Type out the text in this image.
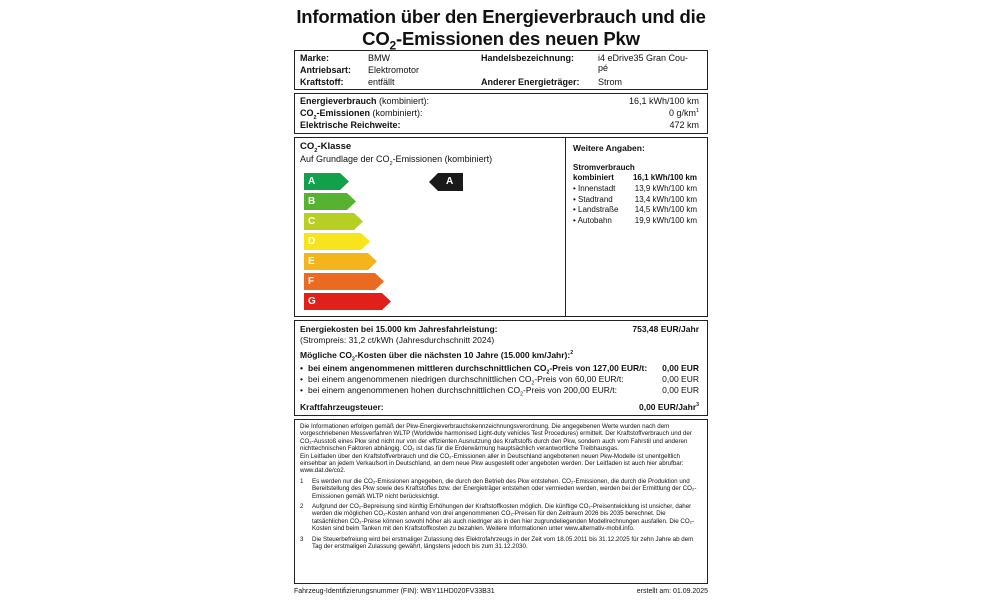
Information über den Energieverbrauch und die
$CO_2$-Emissionen des neuen Pkw
Marke:	BMW
Antriebsart: Elektromotor
Kraftstoff:	entfällt
Handelsbezeichnung:	i4 eDrive35 Gran Cou-
pé
Anderer Energieträger: Strom
Energieverbrauch (kombiniert):	16,1 kWh/100 km
$CO_2$-Emissionen (kombiniert):	0 $g/km^1$
Elektrische Reichweite:	472 km
$CO_2$-Klasse
Auf Grundlage der $CO_2$-Emissionen (kombiniert)
A
B
C
D
E
F
G
A
Weitere Angaben:
Stromverbrauch
kombiniert 16,1 kWh/100 km
• Innenstadt 13,9 kWh/100 km
• Stadtrand	13,4 kWh/100 km
• Landstraße 14,5 kWh/100 km
• Autobahn	19,9 kWh/100 km
Energiekosten bei 15.000 km Jahresfahrleistung:	753,48 EUR/Jahr
(Strompreis: 31,2 ct/kWh (Jahresdurchschnitt 2024)
Mögliche $CO_2$-Kosten über die nächsten 10 Jahre (15.000 km/Jahr):$^2$
• bei einem angenommenen mittleren durchschnittlichen $CO_2$-Preis von 127,00 EUR/t: 0,00 EUR
• bei einem angenommenen niedrigen durchschnittlichen $CO_2$-Preis von 60,00 EUR/t:	0,00 EUR
• bei einem angenommenen hohen durchschnittlichen $CO_2$-Preis von 200,00 EUR/t:	0,00 EUR
Kraftfahrzeugsteuer:	0,00 EUR/Jahr$^3$

Die Informationen erfolgen gemäß der Pkw-Energieverbrauchskennzeichnungsverordnung. Die angegebenen Werte wurden nach dem vorgeschriebenen Messverfahren WLTP (Worldwide harmonised Light-duty vehicles Test Procedures) ermittelt. Der Kraftstoffverbrauch und der CO₂-Ausstoß eines Pkw sind nicht nur von der effizienten Ausnutzung des Kraftstoffs durch den Pkw, sondern auch vom Fahrstil und anderen nichttechnischen Faktoren abhängig. CO₂ ist das für die Erderwärmung hauptsächlich verantwortliche Treibhausgas.

Ein Leitfaden über den Kraftstoffverbrauch und die CO₂-Emissionen aller in Deutschland angebotenen neuen Pkw-Modelle ist unentgeltlich einsehbar an jedem Verkaufsort in Deutschland, an dem neue Pkw ausgestellt oder angeboten werden. Der Leitfaden ist auch hier abrufbar: www.dat.de/co2.

1 Es werden nur die CO₂-Emissionen angegeben, die durch den Betrieb des Pkw entstehen. CO₂-Emissionen, die durch die Produktion und Bereitstellung des Pkw sowie des Kraftstoffes bzw. der Energieträger entstehen oder vermieden werden, werden bei der Ermittlung der CO₂-Emissionen gemäß WLTP nicht berücksichtigt.
2 Aufgrund der CO₂-Bepreisung sind künftig Erhöhungen der Kraftstoffkosten möglich. Die künftige CO₂-Preisentwicklung ist unsicher, daher werden die möglichen CO₂-Kosten anhand von drei angenommenen CO₂-Preisen für den Zeitraum 2026 bis 2035 berechnet. Die tatsächlichen CO₂-Preise können sowohl höher als auch niedriger als in den hier zugrundeliegenden Modellrechnungen ausfallen. Die CO₂-Kosten sind beim Tanken mit den Kraftstoffkosten zu bezahlen. Weitere Informationen unter www.alternativ-mobil.info.
3 Die Steuerbefreiung wird bei erstmaliger Zulassung des Elektrofahrzeugs in der Zeit vom 18.05.2011 bis 31.12.2025 für zehn Jahre ab dem Tag der erstmaligen Zulassung gewährt, längstens jedoch bis zum 31.12.2030.
Fahrzeug-Identifizierungsnummer (FIN): WBY11HD020FV33B31	erstellt am: 01.09.2025
